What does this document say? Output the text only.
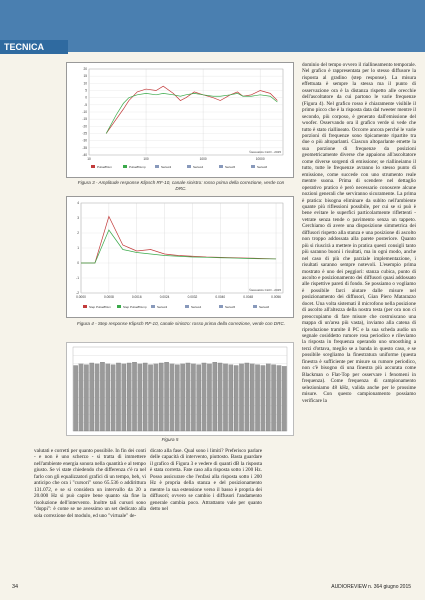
TECNICA
20
15
10
5
0
-5
-10
-15
-20
-25
-30
-35
-40
10	100	1000	10000
Pulse86Lm	Pulse86Lmp	Series3	Series4	Series5	Series6
©acoustics CLIO - 2015
Figura 3 - Amplitude response Klipsch RF-10, canale sinistro: rosso prima della correzione, verde con DRC.
-2
-1
0
1
2
3
4
0.0000	0.0008	0.0016	0.0024	0.0032	0.0040	0.0048	0.0056
Step Pulse86Lm	Step Pulse86Lmp	Series3	Series4	Series5	Series6
©acoustics CLIO - 2015
Figura 4 - Step response Klipsch RF-10, canale sinistro: rosso prima della correzione, verde con DRC.
Figura 5

valutati e corretti per quanto possibile. In fin dei conti - e non è uno scherzo - si tratta di immettere nell'ambiente energia sonora nella quantità e al tempo giusto. Se vi state chiedendo che differenza c'è ra nel farlo con gli equalizzatori grafici di un tempo, beh, vi anticipo che ora i "cursori" sono 65.536 o addirittura 131.072, e se si considera un intervallo da 20 a 20.000 Hz si può capire bene quanto sia fine la risoluzione dell'intervento. Inoltre tali cursori sono "doppi": è come se ne avessimo un set dedicato alla sola correzione del modulo, ed uno "virtuale" de-

dicato alla fase. Qual sono i limiti? Preferisco parlare delle capacità di intervento, piuttosto. Basta guardare il grafico di Figura 3 e vedere di quanti dB la risposta è stata corretta. Fate caso alla risposta sotto i 200 Hz. Posso assicurare che l'enfasi alla risposta sotto i 200 Hz è propria della stanza e del posizionamento mentre la sua estensione verso il basso è propria dei diffusori; ovvero se cambio i diffusori l'andamento generale cambia poco. Attrattanto vale per quanto detto nel

dominio del tempo ovvero il riallineamento temporale. Nel grafico è rappresentata per lo stesso diffusore la risposta al gradino (step response). La misura effettuata è sempre la stessa ma il punto di osservazione ora è la distanza rispetto alle orecchie dell'ascoltatore da cui partono le varie frequenze (Figura 4). Nel grafico rosso è chiaramente visibile il primo picco che è la risposta data dal tweeter mentre il secondo, più corposo, è generato dall'emissione del woofer. Osservando ora il grafico verde si vede che tutto è stato riallineato. Occorre ancora perché le varie porzioni di frequenze sono tipicamente ripartite tra due o più altoparlanti. Ciascun altoparlante emette la sua porzione di frequenze da posizioni geometricamente diverse che appaiono all'ascoltatore come diverse sorgenti di emissione; se riallineiamo il tutto, tutte le frequenze avranno lo stesso punto di emissione, come succede con uno strumento reale mentre suona. Prima di scendere nel dettaglio operativo pratico è però necessario conoscere alcune nozioni generali che serviranno sicuramente. La prima è pratica: bisogna eliminare da subito nell'ambiente quante più riflessioni possibile, per cui se si può è bene evitare le superfici particolarmente riflettenti - vetrate senza tende o pavimento senza un tappeto. Cerchiamo di avere una disposizione simmetrica dei diffusori rispetto alla stanza e una posizione di ascolto non troppo addossata alla parete posteriore. Quanto più si riuscirà a mettere in pratica questi consigli tanto più saranno buoni i risultati, ma in ogni modo, anche nel caso di più che parziale implementazione, i risultati saranno sempre notevoli. L'esempio prima mostrato è uno dei peggiori: stanza cubica, punto di ascolto e posizionamento dei diffusori quasi addossato alle rispettive pareti di fondo. Se possiamo o vogliamo è possibile farci aiutare dalle misure nel posizionamento dei diffusori, Gian Piero Matarazzo docet. Una volta sistemati il microfono nella posizione di ascolto all'altezza della nostra testa (per ora non ci preoccupiamo di fare misure che costruiscano una mappa di un'area più vasta), inviamo alla catena di riproduzione tramite il PC e la sua scheda audio un segnale cosiddetto rumore rosa periodico e rileviamo la risposta in frequenza operando uno smoothing a terzi d'ottava, meglio se a banda in questo caso, e se possibile scegliamo la finestratura uniforme (questa finestra è sufficiente per misure su rumore periodico, non c'è bisogno di una finestra più accurata come Blackman o Flat-Top per osservare i fenomeni in frequenza). Come frequenza di campionamento selezioniamo 48 kHz, valida anche per le prossime misure. Con questo campionamento possiamo verificare la

34	AUDIOREVIEW n. 364 giugno 2015
